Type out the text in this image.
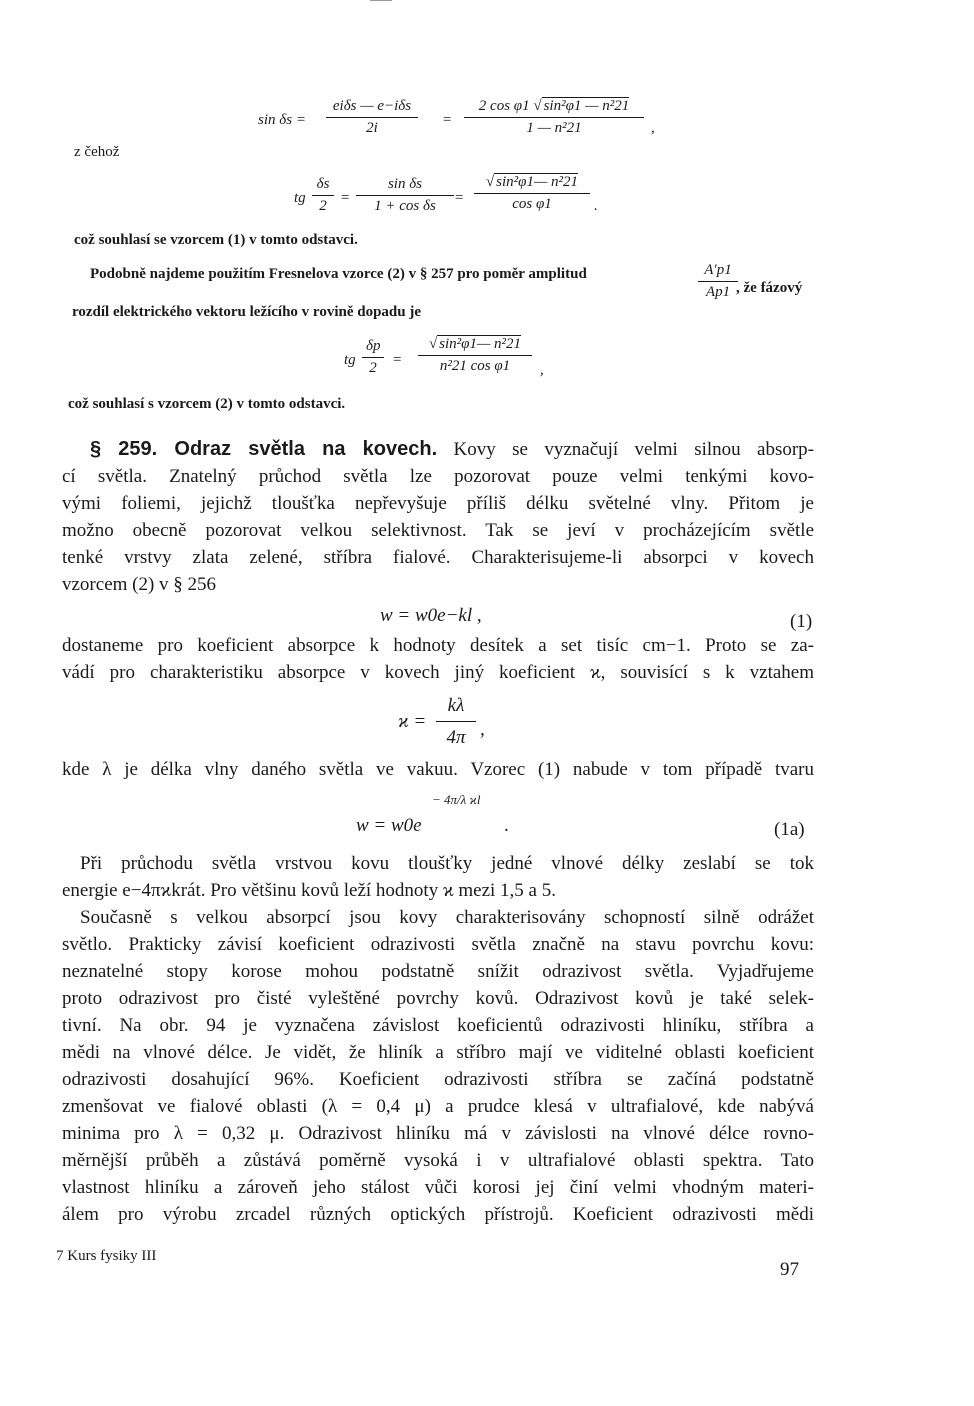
sin δs =
eiδs — e−iδs
2i	=
2 cos φ1 √ sin²φ1 — n²21
1 — n²21	,
z čehož
tg
δs
2 =
sin δs
1 + cos δs	=
√ sin²φ1— n²21
cos φ1	.
což souhlasí se vzorcem (1) v tomto odstavci.
Podobně najdeme použitím Fresnelova vzorce (2) v § 257 pro poměr amplitud	A′p1
Ap1 , že fázový
rozdíl elektrického vektoru ležícího v rovině dopadu je
tg
δp
2	=
√ sin²φ1— n²21
n²21 cos φ1	,
což souhlasí s vzorcem (2) v tomto odstavci.
§ 259. Odraz světla na kovech. Kovy se vyznačují velmi silnou absorp-
cí světla. Znatelný průchod světla lze pozorovat pouze velmi tenkými kovo-
vými foliemi, jejichž tloušťka nepřevyšuje příliš délku světelné vlny. Přitom je
možno obecně pozorovat velkou selektivnost. Tak se jeví v procházejícím světle
tenké vrstvy zlata zelené, stříbra fialové. Charakterisujeme-li absorpci v kovech
vzorcem (2) v § 256
w = w0e−kl ,	(1)
dostaneme pro koeficient absorpce k hodnoty desítek a set tisíc cm−1. Proto se za-
vádí pro charakteristiku absorpce v kovech jiný koeficient ϰ, souvisící s k vztahem
ϰ =
kλ
4π ,
kde λ je délka vlny daného světla ve vakuu. Vzorec (1) nabude v tom případě tvaru
w = w0e
− 4π/λ ϰl
.	(1a)
Při průchodu světla vrstvou kovu tloušťky jedné vlnové délky zeslabí se tok
energie e−4πϰkrát. Pro většinu kovů leží hodnoty ϰ mezi 1,5 a 5.
Současně s velkou absorpcí jsou kovy charakterisovány schopností silně odrážet
světlo. Prakticky závisí koeficient odrazivosti světla značně na stavu povrchu kovu:
neznatelné stopy korose mohou podstatně snížit odrazivost světla. Vyjadřujeme
proto odrazivost pro čisté vyleštěné povrchy kovů. Odrazivost kovů je také selek-
tivní. Na obr. 94 je vyznačena závislost koeficientů odrazivosti hliníku, stříbra a
mědi na vlnové délce. Je vidět, že hliník a stříbro mají ve viditelné oblasti koeficient
odrazivosti dosahující 96%. Koeficient odrazivosti stříbra se začíná podstatně
zmenšovat ve fialové oblasti (λ = 0,4 μ) a prudce klesá v ultrafialové, kde nabývá
minima pro λ = 0,32 μ. Odrazivost hliníku má v závislosti na vlnové délce rovno-
měrnější průběh a zůstává poměrně vysoká i v ultrafialové oblasti spektra. Tato
vlastnost hliníku a zároveň jeho stálost vůči korosi jej činí velmi vhodným materi-
álem pro výrobu zrcadel různých optických přístrojů. Koeficient odrazivosti mědi
7 Kurs fysiky III
97
